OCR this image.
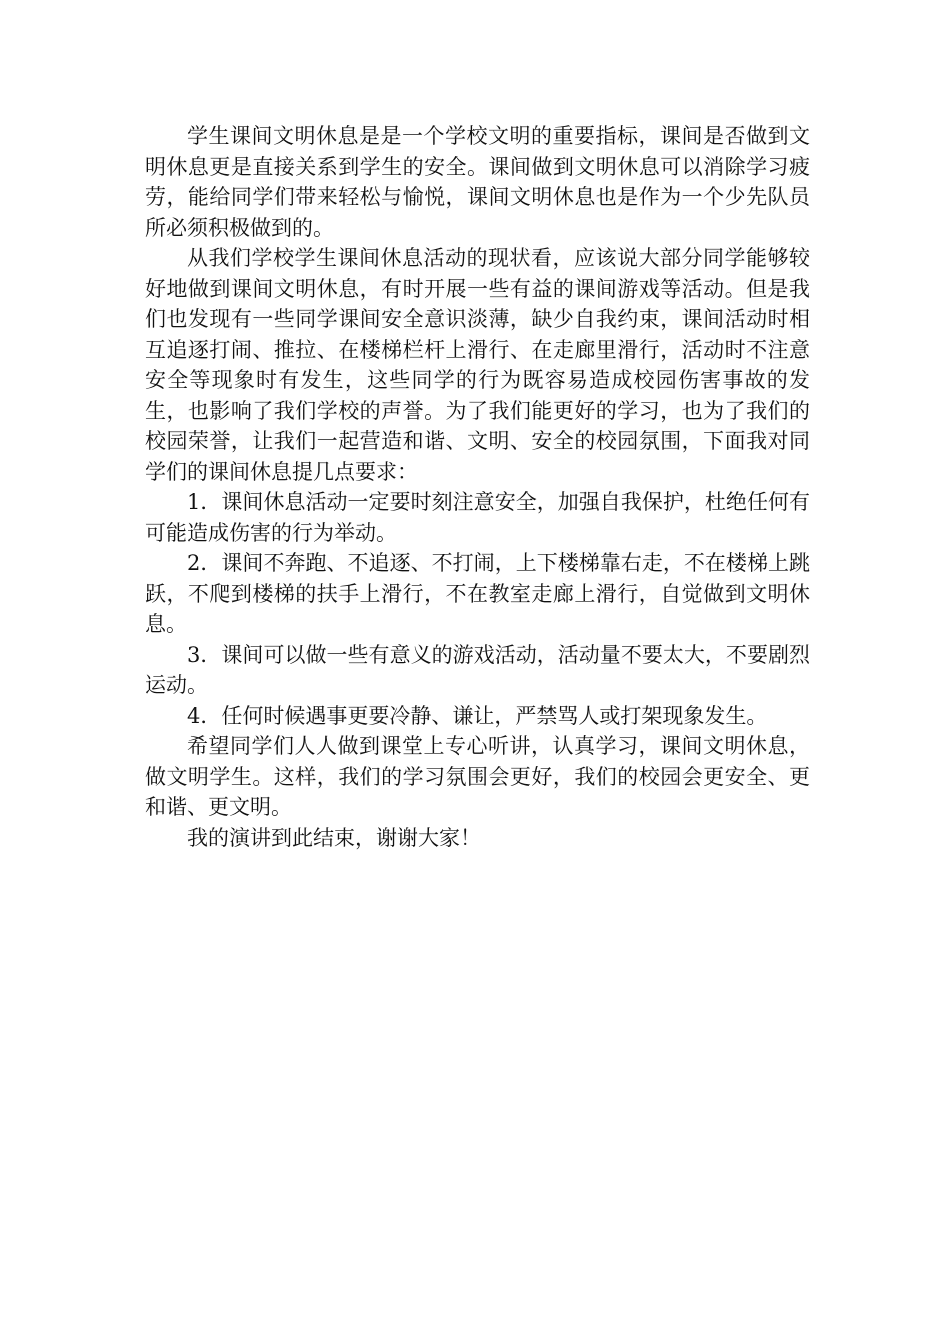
学生课间文明休息是是一个学校文明的重要指标，课间是否做到文明休息更是直接关系到学生的安全。课间做到文明休息可以消除学习疲劳，能给同学们带来轻松与愉悦，课间文明休息也是作为一个少先队员所必须积极做到的。

从我们学校学生课间休息活动的现状看，应该说大部分同学能够较好地做到课间文明休息，有时开展一些有益的课间游戏等活动。但是我们也发现有一些同学课间安全意识淡薄，缺少自我约束，课间活动时相互追逐打闹、推拉、在楼梯栏杆上滑行、在走廊里滑行，活动时不注意安全等现象时有发生，这些同学的行为既容易造成校园伤害事故的发生，也影响了我们学校的声誉。为了我们能更好的学习，也为了我们的校园荣誉，让我们一起营造和谐、文明、安全的校园氛围，下面我对同学们的课间休息提几点要求：

1．课间休息活动一定要时刻注意安全，加强自我保护，杜绝任何有可能造成伤害的行为举动。

2．课间不奔跑、不追逐、不打闹，上下楼梯靠右走，不在楼梯上跳跃，不爬到楼梯的扶手上滑行，不在教室走廊上滑行，自觉做到文明休息。

3．课间可以做一些有意义的游戏活动，活动量不要太大，不要剧烈运动。

4．任何时候遇事更要冷静、谦让，严禁骂人或打架现象发生。

希望同学们人人做到课堂上专心听讲，认真学习，课间文明休息，做文明学生。这样，我们的学习氛围会更好，我们的校园会更安全、更和谐、更文明。

我的演讲到此结束，谢谢大家！
